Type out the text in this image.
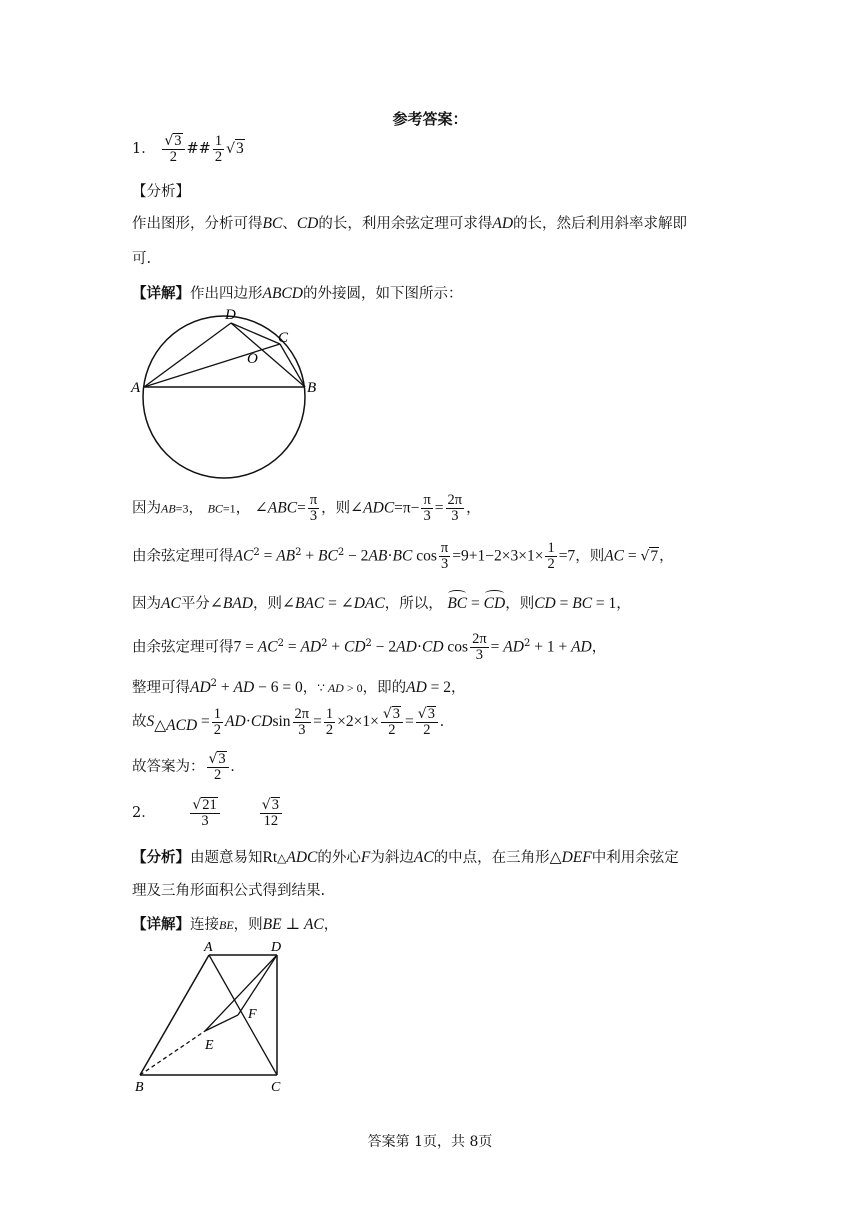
参考答案：
1． $\frac{√3}{2}$ ## $\frac{1}{2} √3$
【分析】
作出图形，分析可得BC、CD的长，利用余弦定理可求得AD的长，然后利用斜率求解即
可.
【详解】作出四边形ABCD的外接圆，如下图所示：
D
C
O
A	B
因为AB=3， BC=1， ∠ABC= $\frac{\pi}{3}$ ，则∠ADC=π− $\frac{\pi}{3} = \frac{2\pi}{3}$ ，
由余弦定理可得$AC^2 = AB^2 + BC^2 - 2AB\cdot BC$ $\cos \frac{\pi}{3} =9+1-2\times 3\times 1\times \frac{1}{2} =7$，则AC = √7，
因为AC平分∠BAD，则∠BAC = ∠DAC，所以， BC = CD，则CD = BC = 1，
由余弦定理可得$7 = AC^2 = AD^2 + CD^2 - 2AD\cdot CD$ $\cos \frac{2\pi}{3} = AD^2 + 1$ + AD，
整理可得$AD^2$ + AD − 6 = 0，∵ AD > 0，即的AD = 2，
故$S_{\triangle ACD} = \frac{1}{2} AD\cdot CDsin \frac{2\pi}{3} = \frac{1}{2} \times 2\times 1\times \frac{√3}{2} = \frac{√3}{2}$ .
故答案为： $\frac{√3}{2}$ .
2． $\frac{√21}{3}$	$\frac{√3}{12}$
【分析】由题意易知Rt△ADC的外心F为斜边AC的中点，在三角形△DEF中利用余弦定
理及三角形面积公式得到结果.
【详解】连接BE，则BE ⊥ AC，
A	D
F
E
B	C
答案第 1页，共 8页
